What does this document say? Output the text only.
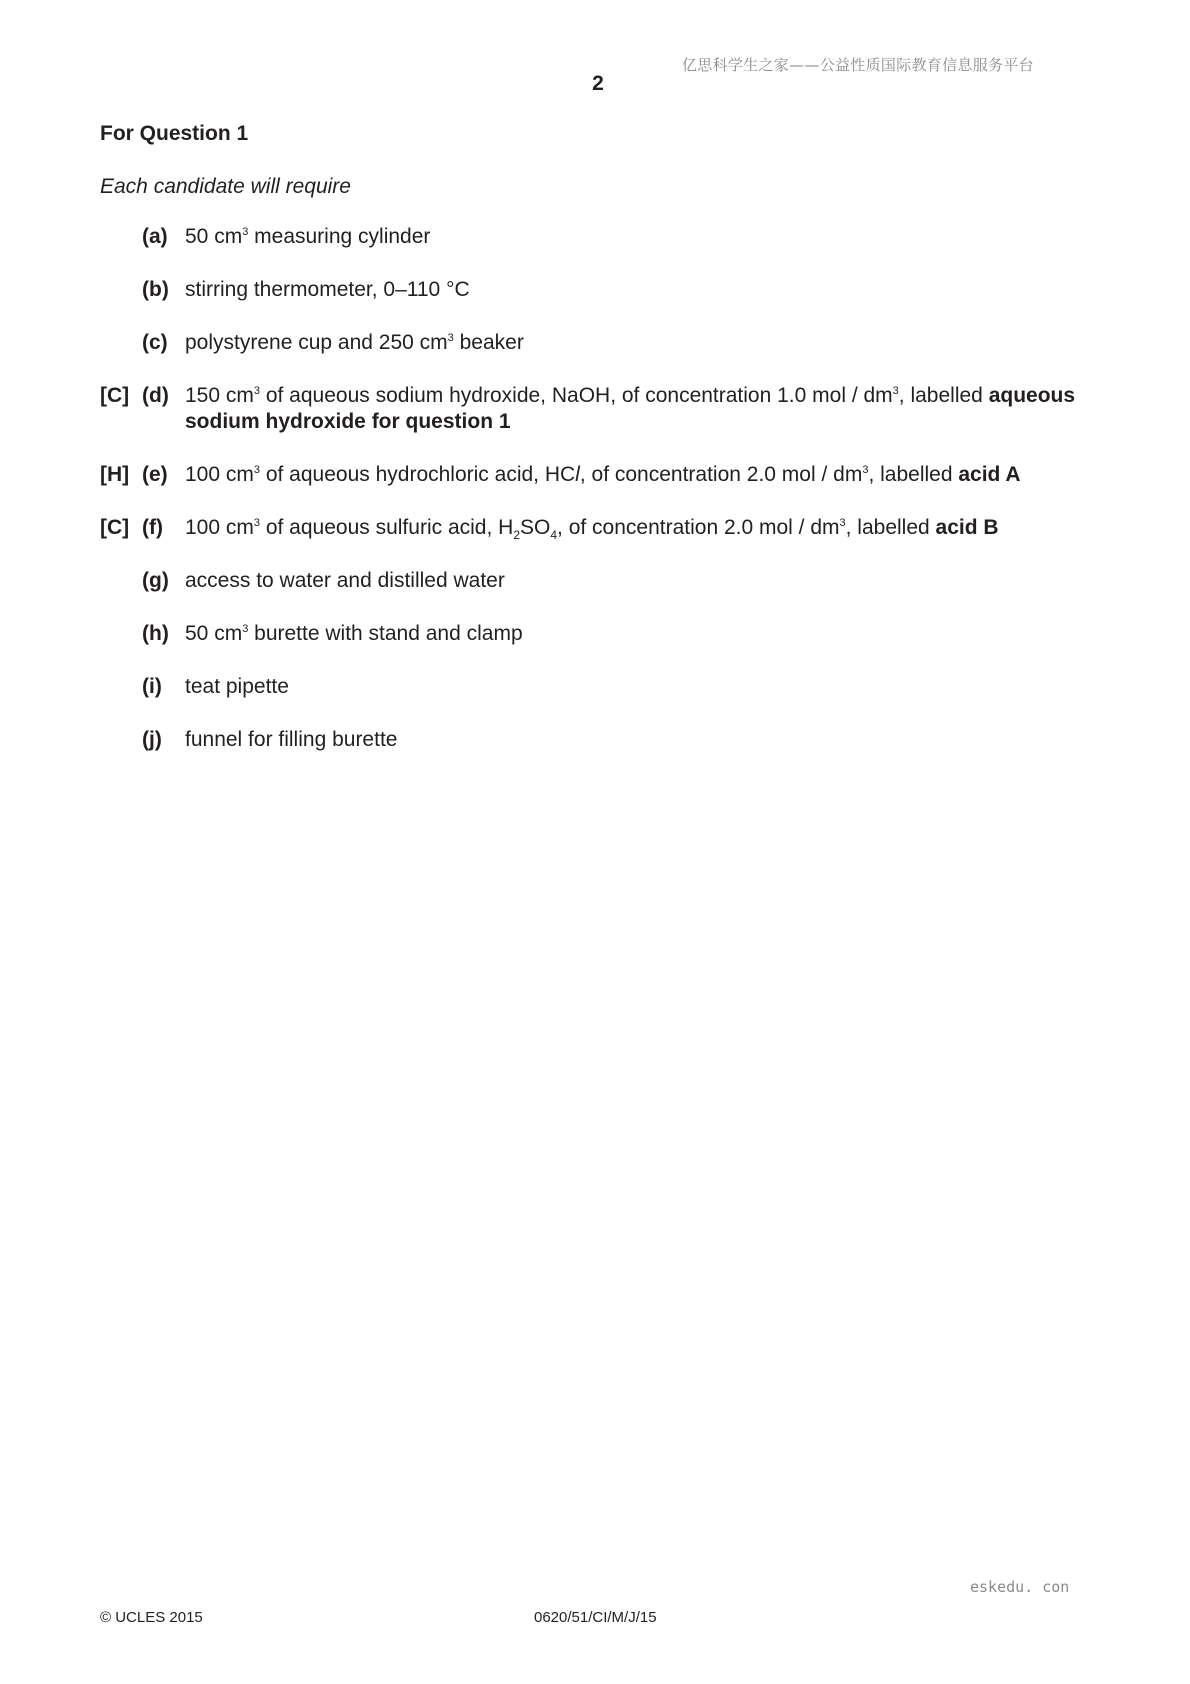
亿思科学生之家——公益性质国际教育信息服务平台
2
For Question 1
Each candidate will require
(a) 50 $cm^3$ measuring cylinder
(b) stirring thermometer, 0–110 °C
(c) polystyrene cup and 250 $cm^3$ beaker
[C] (d) 150 $cm^3$ of aqueous sodium hydroxide, NaOH, of concentration 1.0 mol / $dm^3$, labelled aqueous sodium hydroxide for question 1
[H] (e) 100 $cm^3$ of aqueous hydrochloric acid, HCl, of concentration 2.0 mol / $dm^3$, labelled acid A
[C] (f) 100 $cm^3$ of aqueous sulfuric acid, $H_2SO_4$, of concentration 2.0 mol / $dm^3$, labelled acid B
(g) access to water and distilled water
(h) 50 $cm^3$ burette with stand and clamp
(i) teat pipette
(j) funnel for filling burette
eskedu. con
© UCLES 2015	0620/51/CI/M/J/15
